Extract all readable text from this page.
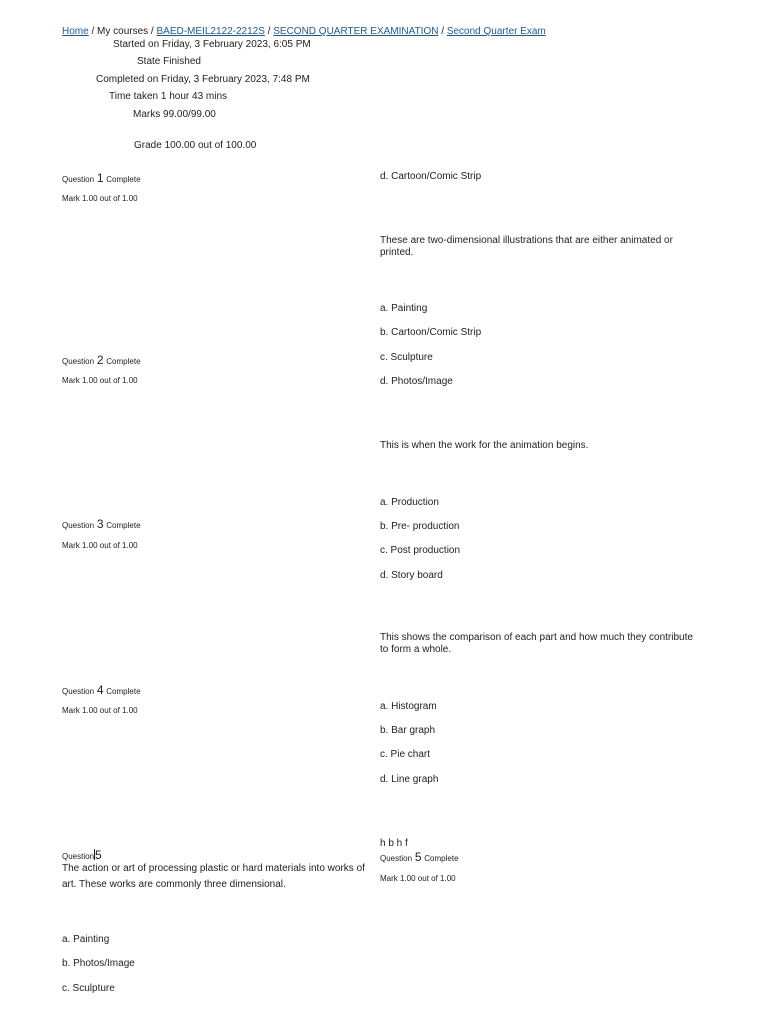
Home / My courses / BAED-MEIL2122-2212S / SECOND QUARTER EXAMINATION / Second Quarter Exam
Started on Friday, 3 February 2023, 6:05 PM
State Finished
Completed on Friday, 3 February 2023, 7:48 PM
Time taken 1 hour 43 mins
Marks 99.00/99.00
Grade 100.00 out of 100.00
Question 1 Complete
Mark 1.00 out of 1.00
d. Cartoon/Comic Strip
These are two-dimensional illustrations that are either animated or printed.
a. Painting
b. Cartoon/Comic Strip
c. Sculpture
d. Photos/Image
Question 2 Complete
Mark 1.00 out of 1.00
This is when the work for the animation begins.
a. Production
b. Pre- production
c. Post production
d. Story board
Question 3 Complete
Mark 1.00 out of 1.00
This shows the comparison of each part and how much they contribute to form a whole.
Question 4 Complete
Mark 1.00 out of 1.00	a. Histogram
b. Bar graph
c. Pie chart
d. Line graph
h b h f
Question 5 Complete
Mark 1.00 out of 1.00
Question5
The action or art of processing plastic or hard materials into works of art. These works are commonly three dimensional.
a. Painting
b. Photos/Image
c. Sculpture
